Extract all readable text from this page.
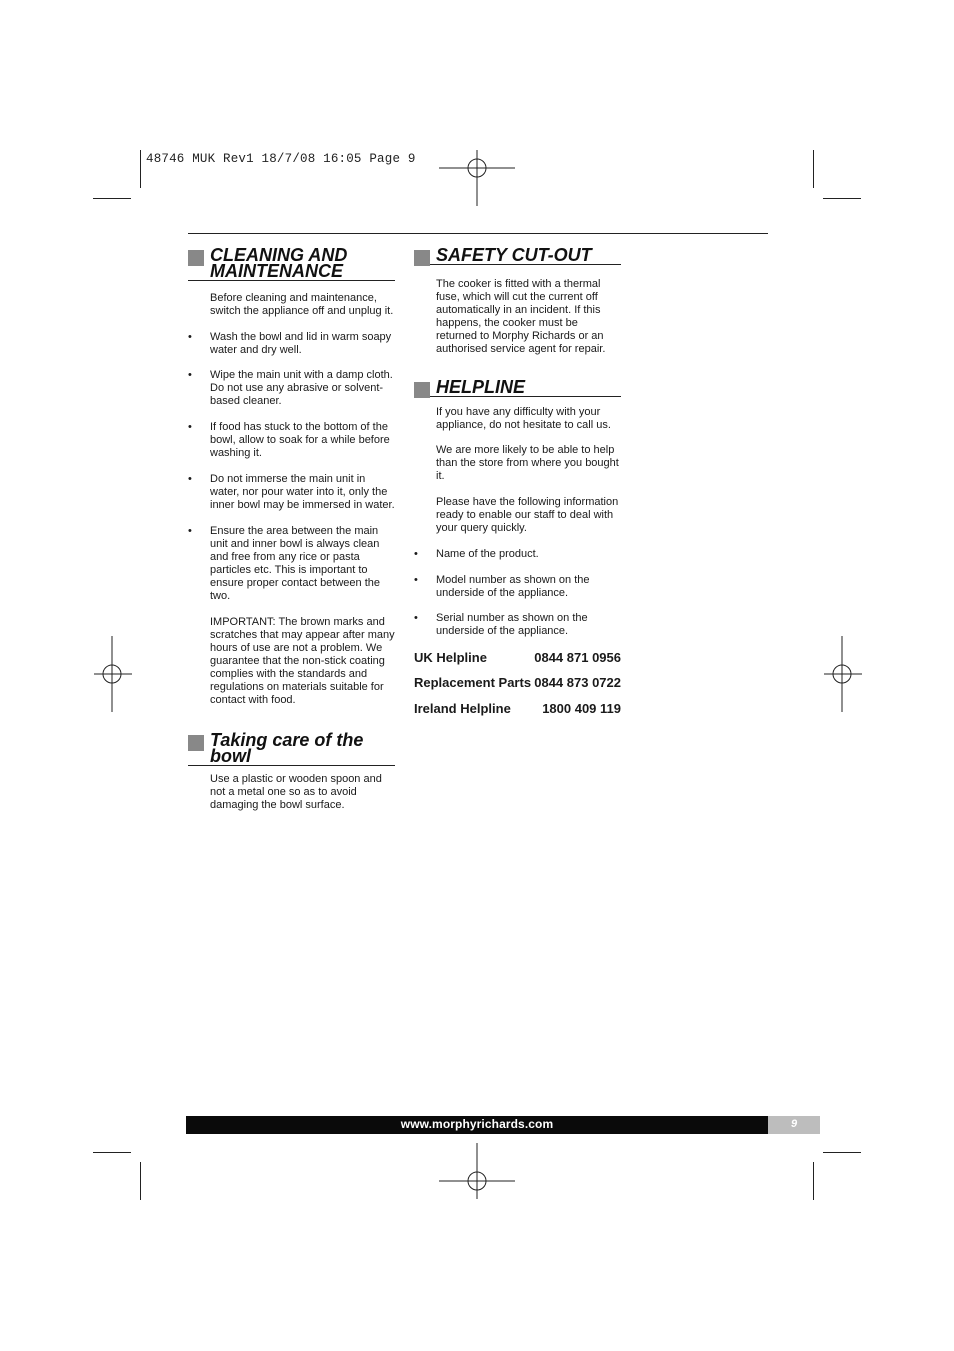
48746 MUK Rev1 18/7/08 16:05 Page 9
CLEANING AND
MAINTENANCE

Before cleaning and maintenance, switch the appliance off and unplug it.

• Wash the bowl and lid in warm soapy water and dry well.

• Wipe the main unit with a damp cloth. Do not use any abrasive or solvent-based cleaner.

• If food has stuck to the bottom of the bowl, allow to soak for a while before washing it.

• Do not immerse the main unit in water, nor pour water into it, only the inner bowl may be immersed in water.

• Ensure the area between the main unit and inner bowl is always clean and free from any rice or pasta particles etc. This is important to ensure proper contact between the two.

IMPORTANT: The brown marks and scratches that may appear after many hours of use are not a problem. We guarantee that the non-stick coating complies with the standards and regulations on materials suitable for contact with food.

Taking care of the
bowl

Use a plastic or wooden spoon and not a metal one so as to avoid damaging the bowl surface.

SAFETY CUT-OUT

The cooker is fitted with a thermal fuse, which will cut the current off automatically in an incident. If this happens, the cooker must be returned to Morphy Richards or an authorised service agent for repair.

HELPLINE

If you have any difficulty with your appliance, do not hesitate to call us.

We are more likely to be able to help than the store from where you bought it.

Please have the following information ready to enable our staff to deal with your query quickly.

• Name of the product.

• Model number as shown on the underside of the appliance.

• Serial number as shown on the underside of the appliance.

UK Helpline	0844 871 0956
Replacement Parts 0844 873 0722
Ireland Helpline 1800 409 119
www.morphyrichards.com	9
